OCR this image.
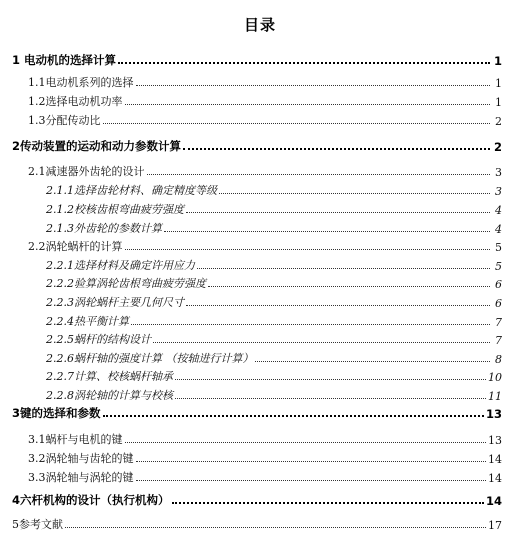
目录
1 电动机的选择计算	1
1.1电动机系列的选择	1
1.2选择电动机功率	1
1.3分配传动比	2
2传动装置的运动和动力参数计算	2
2.1减速器外齿轮的设计	3
2.1.1选择齿轮材料、确定精度等级	3
2.1.2校核齿根弯曲疲劳强度	4
2.1.3外齿轮的参数计算	4
2.2涡轮蜗杆的计算	5
2.2.1选择材料及确定许用应力	5
2.2.2验算涡轮齿根弯曲疲劳强度	6
2.2.3涡轮蜗杆主要几何尺寸	6
2.2.4热平衡计算	7
2.2.5蜗杆的结构设计	7
2.2.6蜗杆轴的强度计算 （按轴进行计算）	8
2.2.7计算、校核蜗杆轴承	10
2.2.8涡轮轴的计算与校核	11
3键的选择和参数	13
3.1蜗杆与电机的键	13
3.2涡轮轴与齿轮的键	14
3.3涡轮轴与涡轮的键	14
4六杆机构的设计（执行机构）	14
5参考文献	17
